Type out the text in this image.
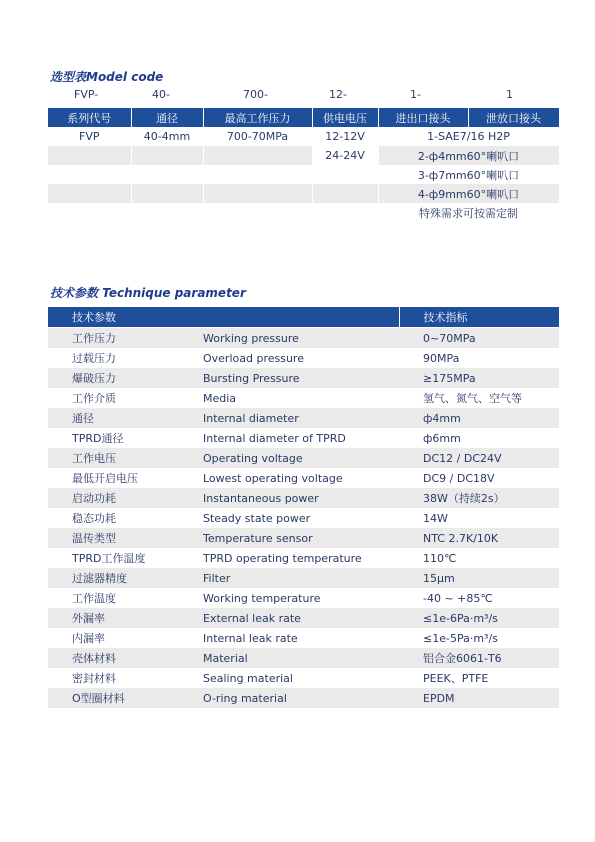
选型表Model code
FVP-	40-	700-	12-	1-	1
系列代号	通径	最高工作压力	供电电压	进出口接头	泄放口接头
FVP	40-4mm	700-70MPa	12-12V	1-SAE7/16 H2P	
			24-24V	2-ф4mm60°喇叭口	
				3-ф7mm60°喇叭口	
				4-ф9mm60°喇叭口	
				特殊需求可按需定制	
技术参数 Technique parameter
技术参数		技术指标
工作压力	Working pressure	0~70MPa
过载压力	Overload pressure	90MPa
爆破压力	Bursting Pressure	≥175MPa
工作介质	Media	氢气、氮气、空气等
通径	Internal diameter	ф4mm
TPRD通径	Internal diameter of TPRD	ф6mm
工作电压	Operating voltage	DC12 / DC24V
最低开启电压	Lowest operating voltage	DC9 / DC18V
启动功耗	Instantaneous power	38W（持续2s）
稳态功耗	Steady state power	14W
温传类型	Temperature sensor	NTC 2.7K/10K
TPRD工作温度	TPRD operating temperature	110℃
过滤器精度	Filter	15μm
工作温度	Working temperature	-40 ~ +85℃
外漏率	External leak rate	≤1e-6Pa·m³/s
内漏率	Internal leak rate	≤1e-5Pa·m³/s
壳体材料	Material	铝合金6061-T6
密封材料	Sealing material	PEEK、PTFE
O型圈材料	O-ring material	EPDM
